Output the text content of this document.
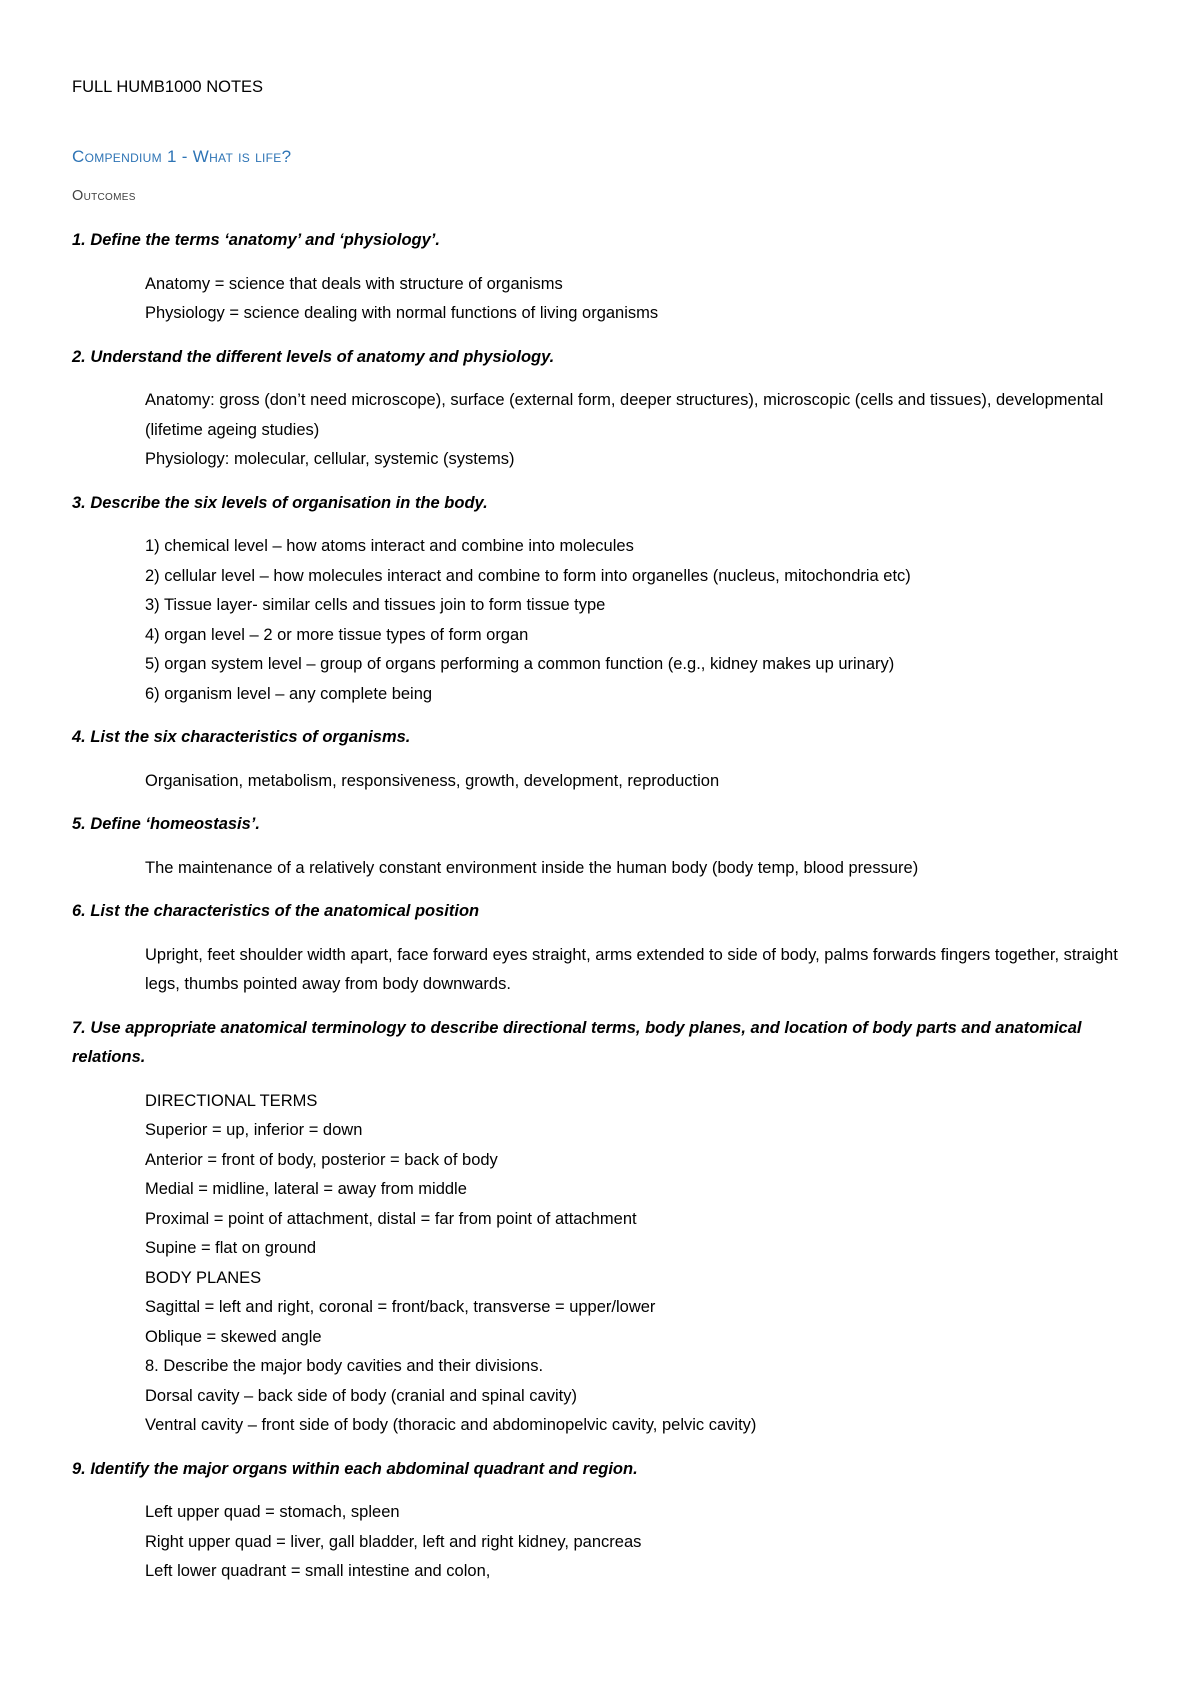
FULL HUMB1000 NOTES
Compendium 1 - What is life?
Outcomes
1. Define the terms ‘anatomy’ and ‘physiology’.
Anatomy = science that deals with structure of organisms
Physiology = science dealing with normal functions of living organisms
2. Understand the different levels of anatomy and physiology.
Anatomy: gross (don’t need microscope), surface (external form, deeper structures), microscopic (cells and tissues), developmental (lifetime ageing studies)
Physiology: molecular, cellular, systemic (systems)
3. Describe the six levels of organisation in the body.
1) chemical level – how atoms interact and combine into molecules
2) cellular level – how molecules interact and combine to form into organelles (nucleus, mitochondria etc)
3) Tissue layer- similar cells and tissues join to form tissue type
4) organ level – 2 or more tissue types of form organ
5) organ system level – group of organs performing a common function (e.g., kidney makes up urinary)
6) organism level – any complete being
4. List the six characteristics of organisms.
Organisation, metabolism, responsiveness, growth, development, reproduction
5. Define ‘homeostasis’.
The maintenance of a relatively constant environment inside the human body (body temp, blood pressure)
6. List the characteristics of the anatomical position
Upright, feet shoulder width apart, face forward eyes straight, arms extended to side of body, palms forwards fingers together, straight legs, thumbs pointed away from body downwards.
7. Use appropriate anatomical terminology to describe directional terms, body planes, and location of body parts and anatomical relations.
DIRECTIONAL TERMS
Superior = up, inferior = down
Anterior = front of body, posterior = back of body
Medial = midline, lateral = away from middle
Proximal = point of attachment, distal = far from point of attachment
Supine = flat on ground
BODY PLANES
Sagittal = left and right, coronal = front/back, transverse = upper/lower
Oblique = skewed angle
8. Describe the major body cavities and their divisions.
Dorsal cavity – back side of body (cranial and spinal cavity)
Ventral cavity – front side of body (thoracic and abdominopelvic cavity, pelvic cavity)
9. Identify the major organs within each abdominal quadrant and region.
Left upper quad = stomach, spleen
Right upper quad = liver, gall bladder, left and right kidney, pancreas
Left lower quadrant = small intestine and colon,
